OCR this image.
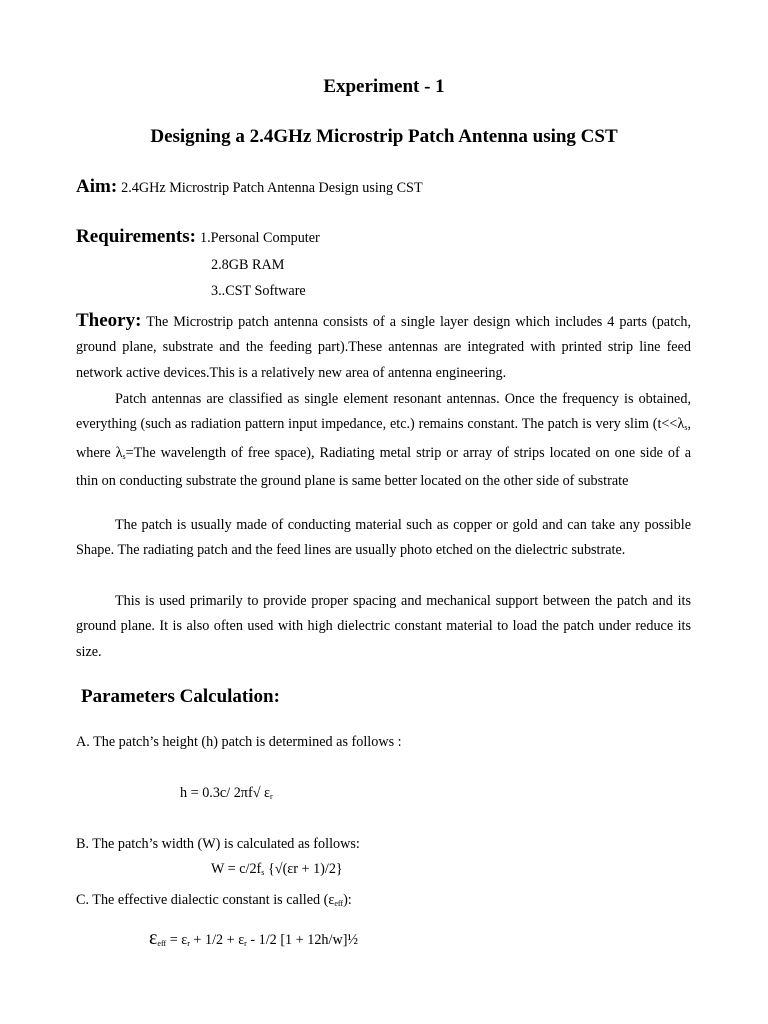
Experiment - 1
Designing a 2.4GHz Microstrip Patch Antenna using CST
Aim: 2.4GHz Microstrip Patch Antenna Design using CST
Requirements: 1.Personal Computer
2.8GB RAM
3..CST Software
Theory: The Microstrip patch antenna consists of a single layer design which includes 4 parts (patch, ground plane, substrate and the feeding part).These antennas are integrated with printed strip line feed network active devices.This is a relatively new area of antenna engineering.
Patch antennas are classified as single element resonant antennas. Once the frequency is obtained, everything (such as radiation pattern input impedance, etc.) remains constant. The patch is very slim ($t<<\lambda_s$, where $\lambda_s=The$ wavelength of free space), Radiating metal strip or array of strips located on one side of a thin on conducting substrate the ground plane is same better located on the other side of substrate
The patch is usually made of conducting material such as copper or gold and can take any possible Shape. The radiating patch and the feed lines are usually photo etched on the dielectric substrate.
This is used primarily to provide proper spacing and mechanical support between the patch and its ground plane. It is also often used with high dielectric constant material to load the patch under reduce its size.
Parameters Calculation:
A. The patch’s height (h) patch is determined as follows :
h = 0.3c/ 2πf√ $\varepsilon_r$
B. The patch’s width (W) is calculated as follows:
$W = c/2f_s$ {√(εr + 1)/2}
C. The effective dialectic constant is called $(\varepsilon_{eff})$:
$\varepsilon_{eff} = \varepsilon_r + 1/2 + \varepsilon_r - 1/2$ [1 + 12h/w]½
